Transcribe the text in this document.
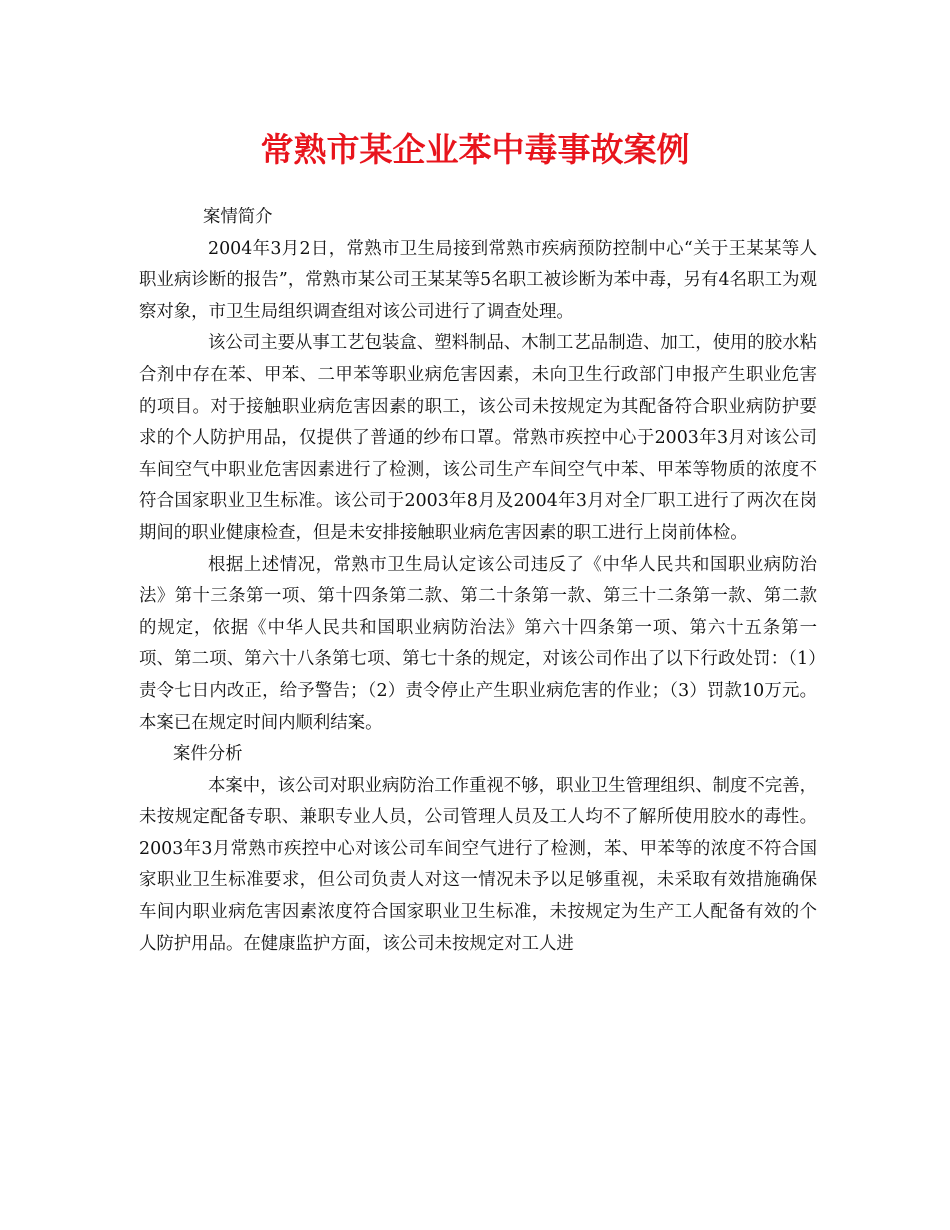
常熟市某企业苯中毒事故案例

案情简介

2004年3月2日，常熟市卫生局接到常熟市疾病预防控制中心“关于王某某等人职业病诊断的报告”，常熟市某公司王某某等5名职工被诊断为苯中毒，另有4名职工为观察对象，市卫生局组织调查组对该公司进行了调查处理。

该公司主要从事工艺包装盒、塑料制品、木制工艺品制造、加工，使用的胶水粘合剂中存在苯、甲苯、二甲苯等职业病危害因素，未向卫生行政部门申报产生职业危害的项目。对于接触职业病危害因素的职工，该公司未按规定为其配备符合职业病防护要求的个人防护用品，仅提供了普通的纱布口罩。常熟市疾控中心于2003年3月对该公司车间空气中职业危害因素进行了检测，该公司生产车间空气中苯、甲苯等物质的浓度不符合国家职业卫生标准。该公司于2003年8月及2004年3月对全厂职工进行了两次在岗期间的职业健康检查，但是未安排接触职业病危害因素的职工进行上岗前体检。

根据上述情况，常熟市卫生局认定该公司违反了《中华人民共和国职业病防治法》第十三条第一项、第十四条第二款、第二十条第一款、第三十二条第一款、第二款的规定，依据《中华人民共和国职业病防治法》第六十四条第一项、第六十五条第一项、第二项、第六十八条第七项、第七十条的规定，对该公司作出了以下行政处罚：（1）责令七日内改正，给予警告；（2）责令停止产生职业病危害的作业；（3）罚款10万元。本案已在规定时间内顺利结案。

案件分析

本案中，该公司对职业病防治工作重视不够，职业卫生管理组织、制度不完善，未按规定配备专职、兼职专业人员，公司管理人员及工人均不了解所使用胶水的毒性。2003年3月常熟市疾控中心对该公司车间空气进行了检测，苯、甲苯等的浓度不符合国家职业卫生标准要求，但公司负责人对这一情况未予以足够重视，未采取有效措施确保车间内职业病危害因素浓度符合国家职业卫生标准，未按规定为生产工人配备有效的个人防护用品。在健康监护方面，该公司未按规定对工人进
